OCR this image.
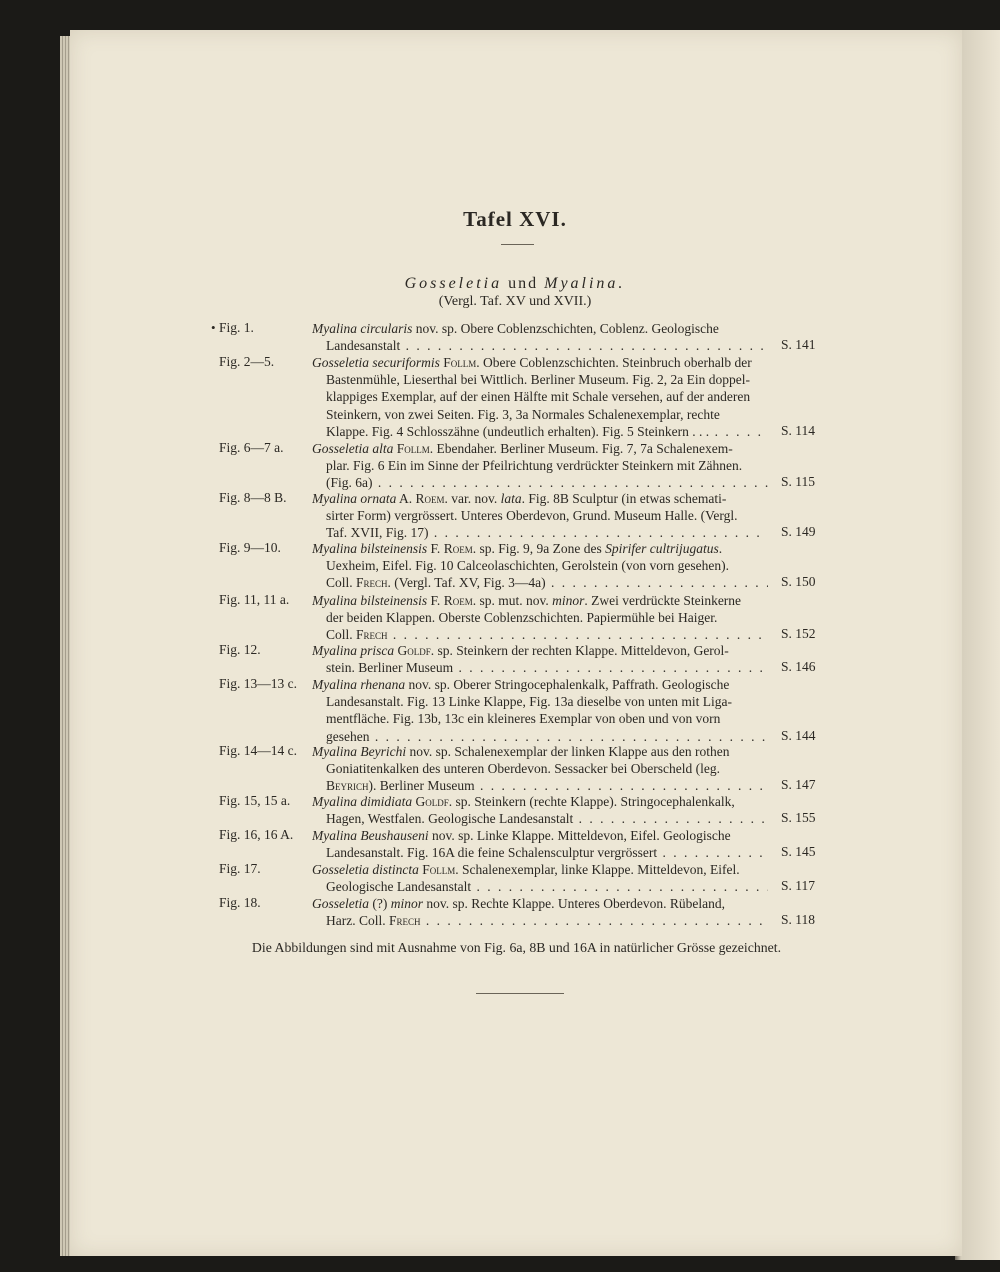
Tafel XVI.
Gosseletia und Myalina.
(Vergl. Taf. XV und XVII.)
• Fig. 1.	Myalina circularis nov. sp. Obere Coblenzschichten, Coblenz. Geologische
Landesanstalt . . .	S. 141
Fig. 2—5.	Gosseletia securiformis Follm. Obere Coblenzschichten. Steinbruch oberhalb der
Bastenmühle, Lieserthal bei Wittlich. Berliner Museum. Fig. 2, 2a Ein doppel-
klappiges Exemplar, auf der einen Hälfte mit Schale versehen, auf der anderen
Steinkern, von zwei Seiten. Fig. 3, 3a Normales Schalenexemplar, rechte
Klappe. Fig. 4 Schlosszähne (undeutlich erhalten). Fig. 5 Steinkern . . . . . .	S. 114
Fig. 6—7 a. Gosseletia alta Follm. Ebendaher. Berliner Museum. Fig. 7, 7a Schalenexem-
plar. Fig. 6 Ein im Sinne der Pfeilrichtung verdrückter Steinkern mit Zähnen.
(Fig. 6a) . . .	S. 115
Fig. 8—8 B. Myalina ornata A. Roem. var. nov. lata. Fig. 8B Sculptur (in etwas schemati-
sirter Form) vergrössert. Unteres Oberdevon, Grund. Museum Halle. (Vergl.
Taf. XVII, Fig. 17) . . .	S. 149
Fig. 9—10. Myalina bilsteinensis F. Roem. sp. Fig. 9, 9a Zone des Spirifer cultrijugatus.
Uexheim, Eifel. Fig. 10 Calceolaschichten, Gerolstein (von vorn gesehen).
Coll. Frech. (Vergl. Taf. XV, Fig. 3—4a) . . .	S. 150
Fig. 11, 11 a. Myalina bilsteinensis F. Roem. sp. mut. nov. minor. Zwei verdrückte Steinkerne
der beiden Klappen. Oberste Coblenzschichten. Papiermühle bei Haiger.
Coll. Frech . . .	S. 152
Fig. 12.	Myalina prisca Goldf. sp. Steinkern der rechten Klappe. Mitteldevon, Gerol-
stein. Berliner Museum . . .	S. 146
Fig. 13—13 c. Myalina rhenana nov. sp. Oberer Stringocephalenkalk, Paffrath. Geologische
Landesanstalt. Fig. 13 Linke Klappe, Fig. 13a dieselbe von unten mit Liga-
mentfläche. Fig. 13b, 13c ein kleineres Exemplar von oben und von vorn
gesehen . . .	S. 144
Fig. 14—14 c. Myalina Beyrichi nov. sp. Schalenexemplar der linken Klappe aus den rothen
Goniatitenkalken des unteren Oberdevon. Sessacker bei Oberscheld (leg.
Beyrich). Berliner Museum . . .	S. 147
Fig. 15, 15 a. Myalina dimidiata Goldf. sp. Steinkern (rechte Klappe). Stringocephalenkalk,
Hagen, Westfalen. Geologische Landesanstalt . . .	S. 155
Fig. 16, 16 A. Myalina Beushauseni nov. sp. Linke Klappe. Mitteldevon, Eifel. Geologische
Landesanstalt. Fig. 16A die feine Schalensculptur vergrössert . . .	S. 145
Fig. 17.	Gosseletia distincta Follm. Schalenexemplar, linke Klappe. Mitteldevon, Eifel.
Geologische Landesanstalt . . .	S. 117
Fig. 18.	Gosseletia (?) minor nov. sp. Rechte Klappe. Unteres Oberdevon. Rübeland,
Harz. Coll. Frech . . .	S. 118
Die Abbildungen sind mit Ausnahme von Fig. 6a, 8B und 16A in natürlicher Grösse gezeichnet.
